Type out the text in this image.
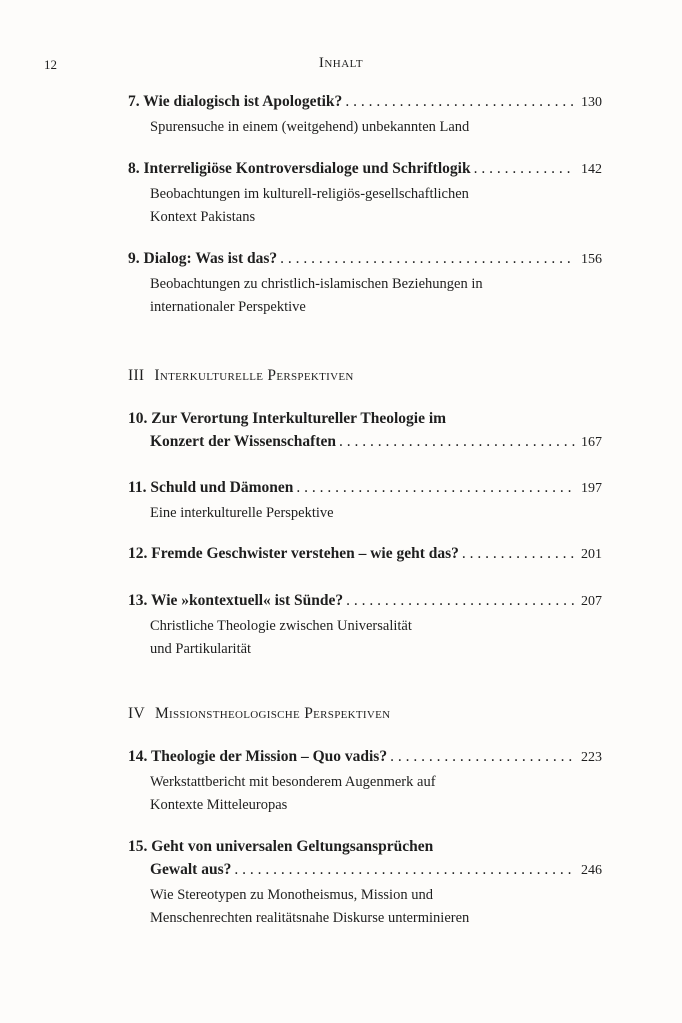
12	Inhalt
7. Wie dialogisch ist Apologetik? . . .	130
Spurensuche in einem (weitgehend) unbekannten Land
8. Interreligiöse Kontroversdialoge und Schriftlogik . . .	142
Beobachtungen im kulturell-religiös-gesellschaftlichen
Kontext Pakistans
9. Dialog: Was ist das? . . .	156
Beobachtungen zu christlich-islamischen Beziehungen in
internationaler Perspektive
III Interkulturelle Perspektiven
10. Zur Verortung Interkultureller Theologie im
Konzert der Wissenschaften . . .	167
11. Schuld und Dämonen . . .	197
Eine interkulturelle Perspektive
12. Fremde Geschwister verstehen – wie geht das? . . .	201
13. Wie »kontextuell« ist Sünde? . . .	207
Christliche Theologie zwischen Universalität
und Partikularität
IV Missionstheologische Perspektiven
14. Theologie der Mission – Quo vadis? . . .	223
Werkstattbericht mit besonderem Augenmerk auf
Kontexte Mitteleuropas
15. Geht von universalen Geltungsansprüchen
Gewalt aus? . . .	246
Wie Stereotypen zu Monotheismus, Mission und
Menschenrechten realitätsnahe Diskurse unterminieren
